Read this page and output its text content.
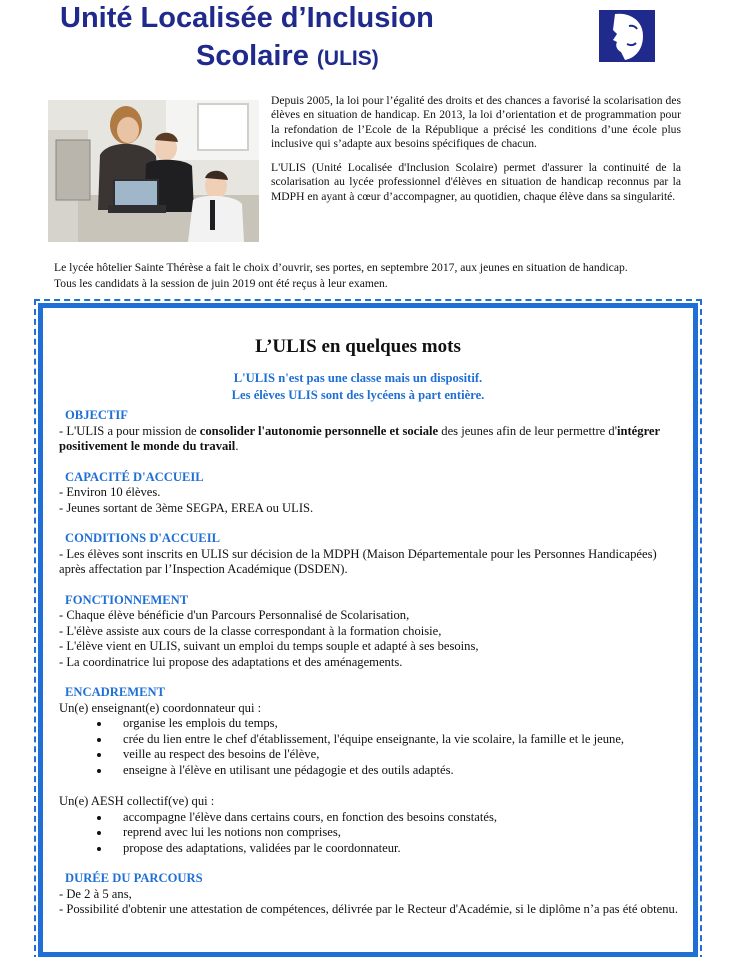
Unité Localisée d’Inclusion
Scolaire (ULIS)

Depuis 2005, la loi pour l’égalité des droits et des chances a favorisé la scolarisation des élèves en situation de handicap. En 2013, la loi d’orientation et de programmation pour la refondation de l’Ecole de la République a précisé les conditions d’une école plus inclusive qui s’adapte aux besoins spécifiques de chacun.

L'ULIS (Unité Localisée d'Inclusion Scolaire) permet d'assurer la continuité de la scolarisation au lycée professionnel d'élèves en situation de handicap reconnus par la MDPH en ayant à cœur d’accompagner, au quotidien, chaque élève dans sa singularité.

Le lycée hôtelier Sainte Thérèse a fait le choix d’ouvrir, ses portes, en septembre 2017, aux jeunes en situation de handicap.

Tous les candidats à la session de juin 2019 ont été reçus à leur examen.

L’ULIS en quelques mots
L'ULIS n'est pas une classe mais un dispositif.
Les élèves ULIS sont des lycéens à part entière.

OBJECTIF

- L'ULIS a pour mission de consolider l'autonomie personnelle et sociale des jeunes afin de leur permettre d'intégrer positivement le monde du travail.

CAPACITÉ D'ACCUEIL

- Environ 10 élèves.

- Jeunes sortant de 3ème SEGPA, EREA ou ULIS.

CONDITIONS D'ACCUEIL

- Les élèves sont inscrits en ULIS sur décision de la MDPH (Maison Départementale pour les Personnes Handicapées) après affectation par l’Inspection Académique (DSDEN).

FONCTIONNEMENT

- Chaque élève bénéficie d'un Parcours Personnalisé de Scolarisation,

- L'élève assiste aux cours de la classe correspondant à la formation choisie,

- L'élève vient en ULIS, suivant un emploi du temps souple et adapté à ses besoins,

- La coordinatrice lui propose des adaptations et des aménagements.

ENCADREMENT

Un(e) enseignant(e) coordonnateur qui :

• organise les emplois du temps,
• crée du lien entre le chef d'établissement, l'équipe enseignante, la vie scolaire, la famille et le jeune,
• veille au respect des besoins de l'élève,
• enseigne à l'élève en utilisant une pédagogie et des outils adaptés.

Un(e) AESH collectif(ve) qui :

• accompagne l'élève dans certains cours, en fonction des besoins constatés,
• reprend avec lui les notions non comprises,
• propose des adaptations, validées par le coordonnateur.

DURÉE DU PARCOURS

- De 2 à 5 ans,

- Possibilité d'obtenir une attestation de compétences, délivrée par le Recteur d'Académie, si le diplôme n’a pas été obtenu.
